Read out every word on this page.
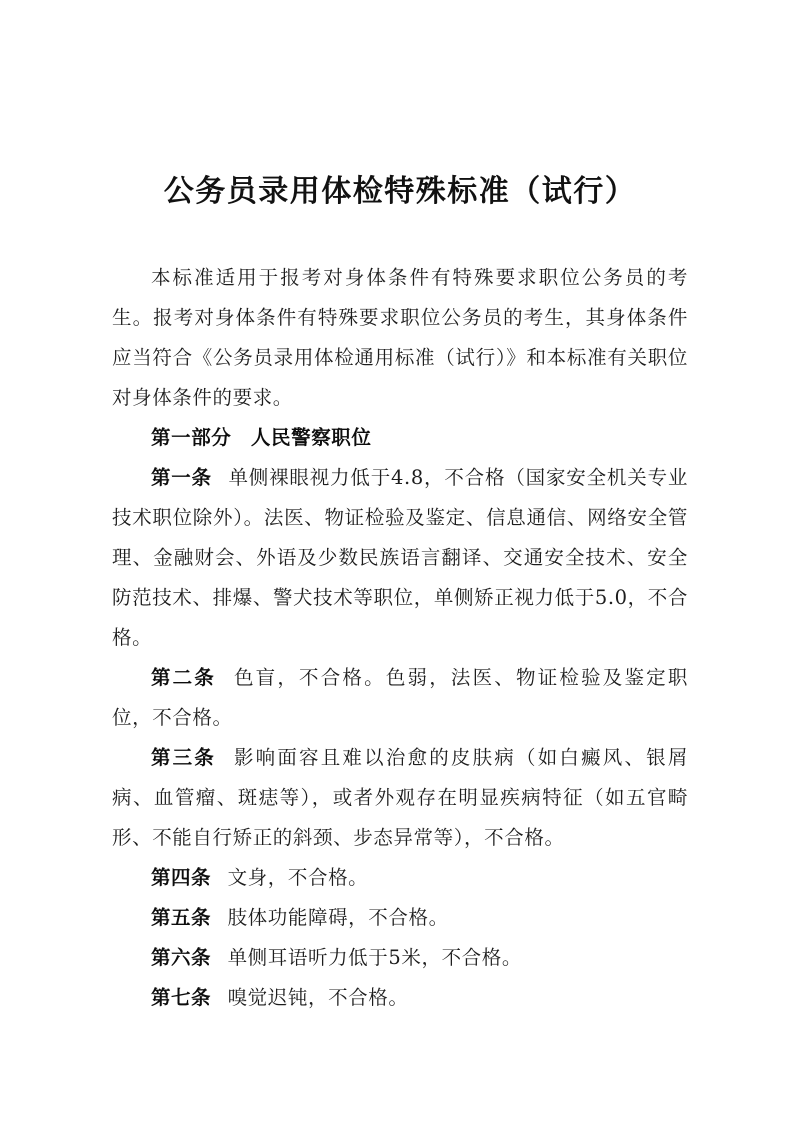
公务员录用体检特殊标准（试行）

本标准适用于报考对身体条件有特殊要求职位公务员的考生。报考对身体条件有特殊要求职位公务员的考生，其身体条件应当符合《公务员录用体检通用标准（试行）》和本标准有关职位对身体条件的要求。

第一部分 人民警察职位

第一条 单侧裸眼视力低于4.8，不合格（国家安全机关专业技术职位除外）。法医、物证检验及鉴定、信息通信、网络安全管理、金融财会、外语及少数民族语言翻译、交通安全技术、安全防范技术、排爆、警犬技术等职位，单侧矫正视力低于5.0，不合格。

第二条 色盲，不合格。色弱，法医、物证检验及鉴定职位，不合格。

第三条 影响面容且难以治愈的皮肤病（如白癜风、银屑病、血管瘤、斑痣等），或者外观存在明显疾病特征（如五官畸形、不能自行矫正的斜颈、步态异常等），不合格。

第四条 文身，不合格。

第五条 肢体功能障碍，不合格。

第六条 单侧耳语听力低于5米，不合格。

第七条 嗅觉迟钝，不合格。
